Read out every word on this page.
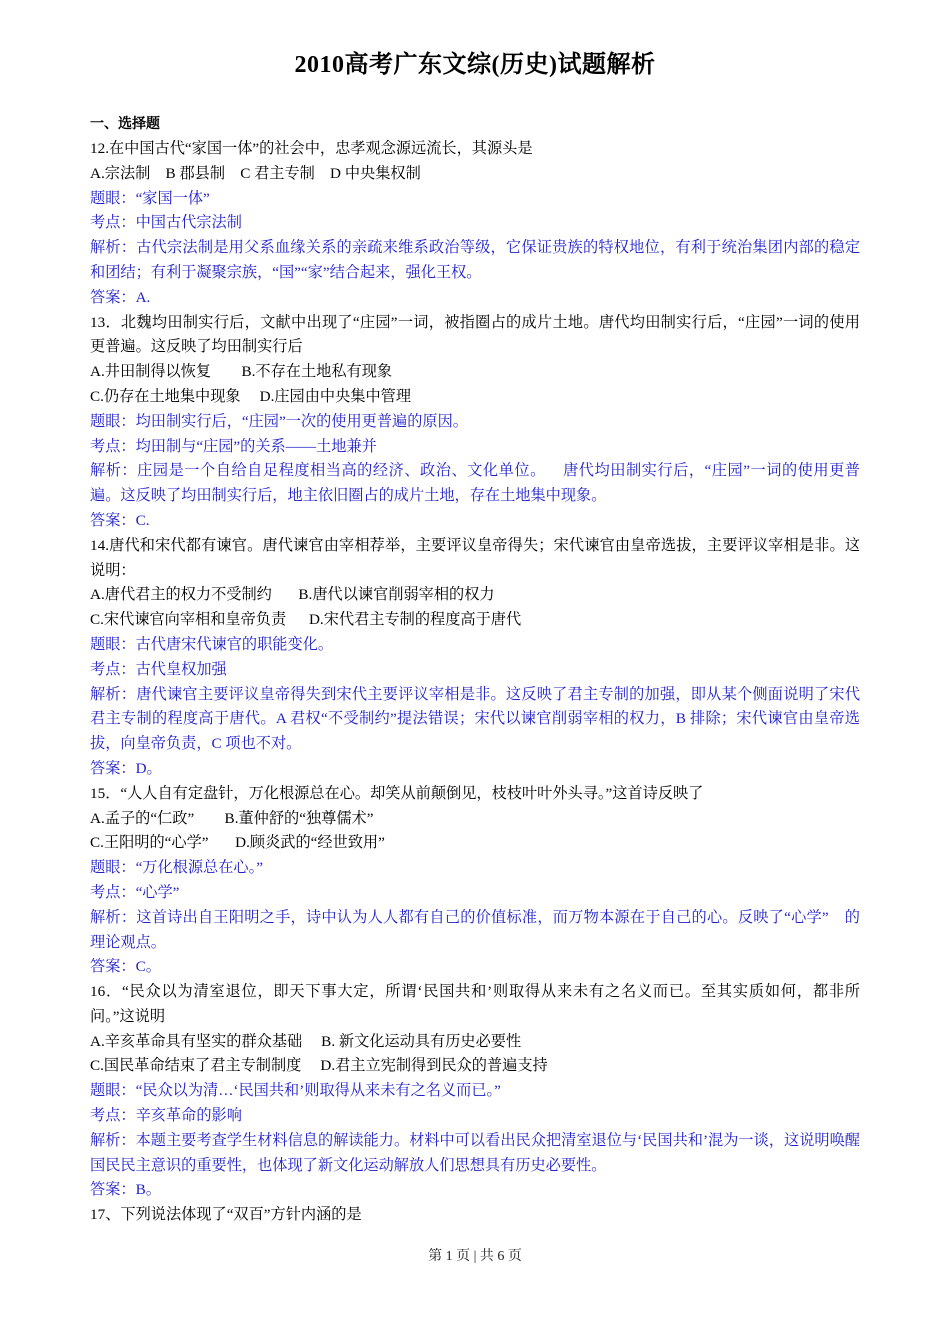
2010高考广东文综(历史)试题解析
一、选择题
12.在中国古代“家国一体”的社会中，忠孝观念源远流长，其源头是
A.宗法制    B 郡县制    C 君主专制    D 中央集权制
题眼：“家国一体”
考点：中国古代宗法制
解析：古代宗法制是用父系血缘关系的亲疏来维系政治等级，它保证贵族的特权地位，有利于统治集团内部的稳定和团结；有利于凝聚宗族，“国”“家”结合起来，强化王权。
答案：A.
13．北魏均田制实行后，文献中出现了“庄园”一词，被指圈占的成片土地。唐代均田制实行后，“庄园”一词的使用更普遍。这反映了均田制实行后
A.井田制得以恢复        B.不存在土地私有现象
C.仍存在土地集中现象     D.庄园由中央集中管理
题眼：均田制实行后，“庄园”一次的使用更普遍的原因。
考点：均田制与“庄园”的关系——土地兼并
解析：庄园是一个自给自足程度相当高的经济、政治、文化单位。    唐代均田制实行后，“庄园”一词的使用更普遍。这反映了均田制实行后，地主依旧圈占的成片土地，存在土地集中现象。
答案：C.
14.唐代和宋代都有谏官。唐代谏官由宰相荐举，主要评议皇帝得失；宋代谏官由皇帝选拔，主要评议宰相是非。这说明：
A.唐代君主的权力不受制约       B.唐代以谏官削弱宰相的权力
C.宋代谏官向宰相和皇帝负责      D.宋代君主专制的程度高于唐代
题眼：古代唐宋代谏官的职能变化。
考点：古代皇权加强
解析：唐代谏官主要评议皇帝得失到宋代主要评议宰相是非。这反映了君主专制的加强，即从某个侧面说明了宋代君主专制的程度高于唐代。A 君权“不受制约”提法错误；宋代以谏官削弱宰相的权力，B 排除；宋代谏官由皇帝选拔，向皇帝负责，C 项也不对。
答案：D。
15．“人人自有定盘针，万化根源总在心。却笑从前颠倒见，枝枝叶叶外头寻。”这首诗反映了
A.孟子的“仁政”        B.董仲舒的“独尊儒术”
C.王阳明的“心学”       D.顾炎武的“经世致用”
题眼：“万化根源总在心。”
考点：“心学”
解析：这首诗出自王阳明之手，诗中认为人人都有自己的价值标准，而万物本源在于自己的心。反映了“心学”    的理论观点。
答案：C。
16．“民众以为清室退位，即天下事大定，所谓‘民国共和’则取得从来未有之名义而已。至其实质如何，都非所问。”这说明
A.辛亥革命具有坚实的群众基础     B. 新文化运动具有历史必要性
C.国民革命结束了君主专制制度     D.君主立宪制得到民众的普遍支持
题眼：“民众以为清…‘民国共和’则取得从来未有之名义而已。”
考点：辛亥革命的影响
解析：本题主要考查学生材料信息的解读能力。材料中可以看出民众把清室退位与‘民国共和’混为一谈，这说明唤醒国民民主意识的重要性，也体现了新文化运动解放人们思想具有历史必要性。
答案：B。
17、下列说法体现了“双百”方针内涵的是
第 1 页 | 共 6 页
